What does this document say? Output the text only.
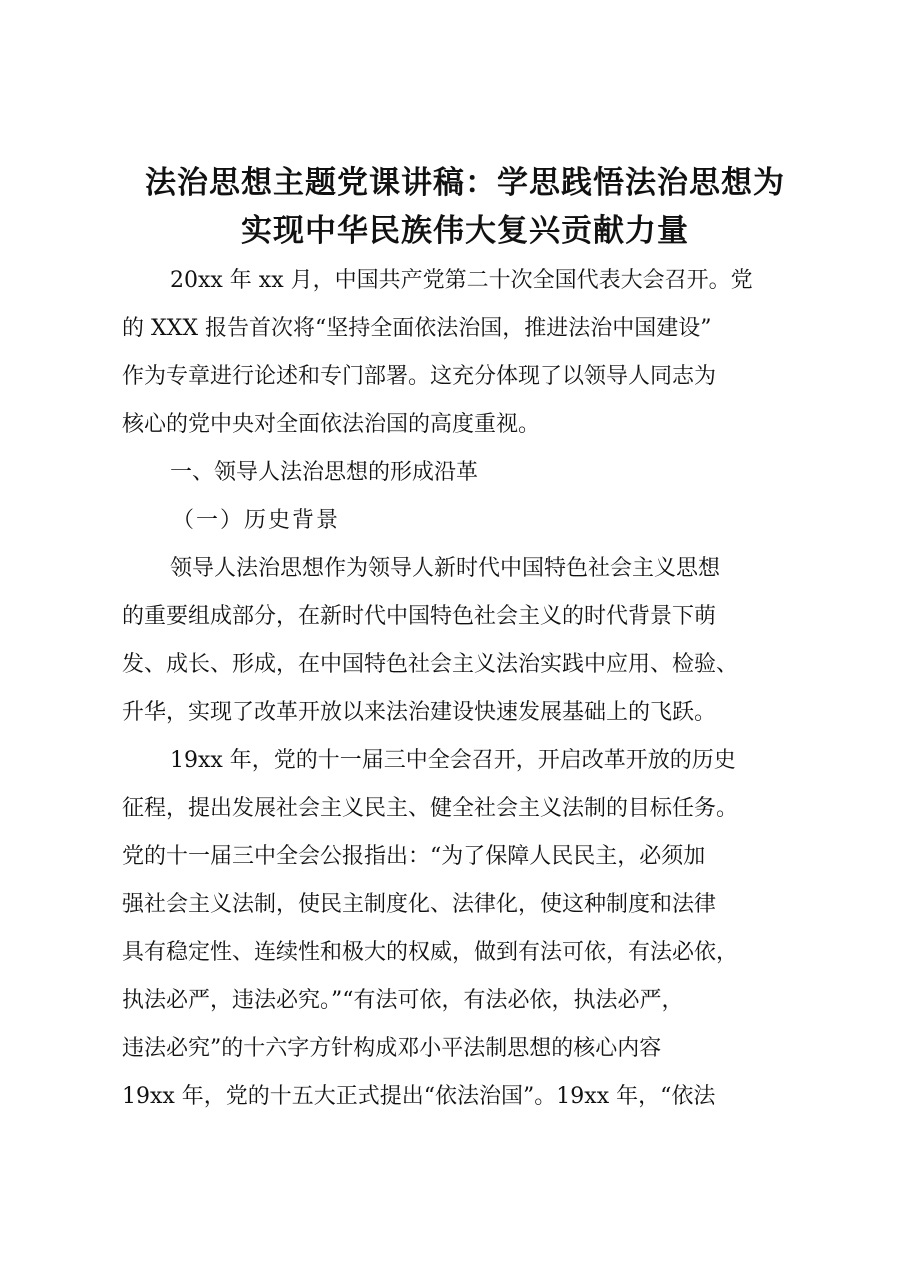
法治思想主题党课讲稿：学思践悟法治思想为
实现中华民族伟大复兴贡献力量
20xx 年 xx 月，中国共产党第二十次全国代表大会召开。党
的 XXX 报告首次将“坚持全面依法治国，推进法治中国建设”
作为专章进行论述和专门部署。这充分体现了以领导人同志为
核心的党中央对全面依法治国的高度重视。
一、领导人法治思想的形成沿革
（一）历史背景
领导人法治思想作为领导人新时代中国特色社会主义思想
的重要组成部分，在新时代中国特色社会主义的时代背景下萌
发、成长、形成，在中国特色社会主义法治实践中应用、检验、
升华，实现了改革开放以来法治建设快速发展基础上的飞跃。
19xx 年，党的十一届三中全会召开，开启改革开放的历史
征程，提出发展社会主义民主、健全社会主义法制的目标任务。
党的十一届三中全会公报指出：“为了保障人民民主，必须加
强社会主义法制，使民主制度化、法律化，使这种制度和法律
具有稳定性、连续性和极大的权威，做到有法可依，有法必依，
执法必严，违法必究。”“有法可依，有法必依，执法必严，
违法必究”的十六字方针构成邓小平法制思想的核心内容
19xx 年，党的十五大正式提出“依法治国”。19xx 年，“依法
